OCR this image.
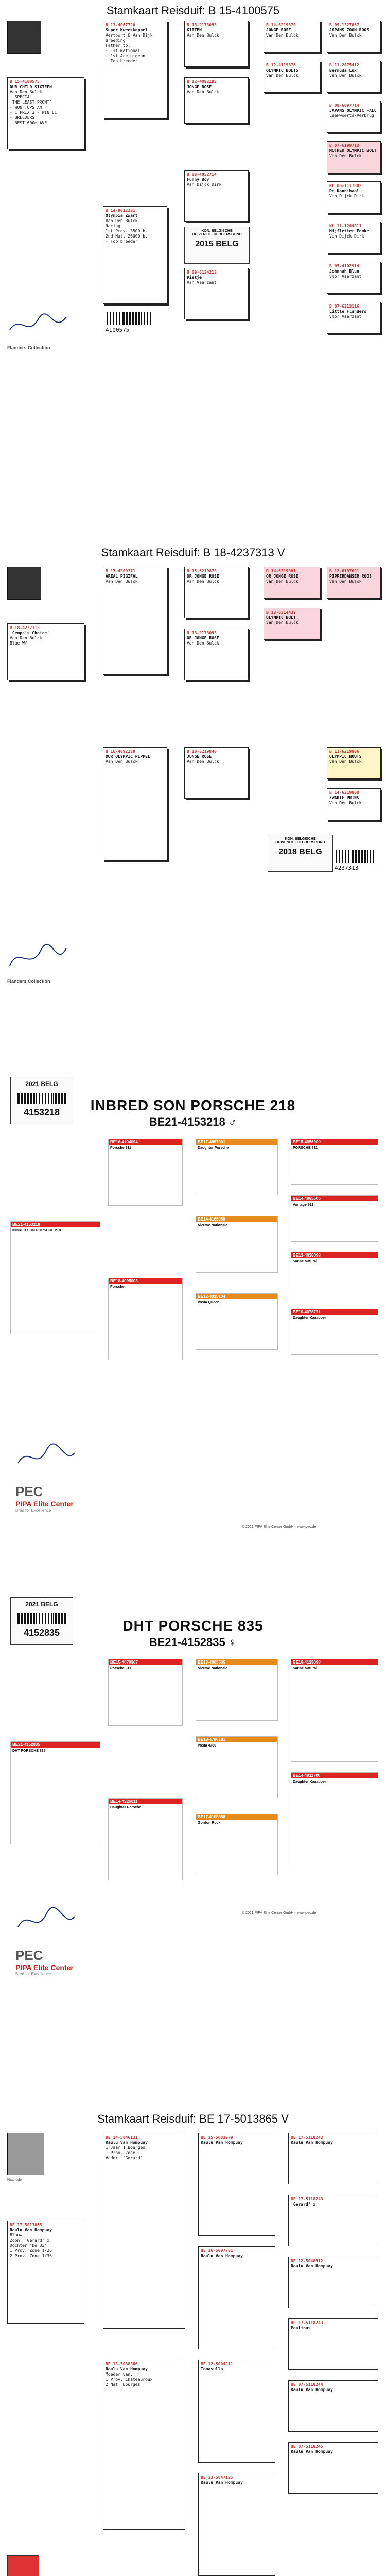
Stamkaart Reisduif: B 15-4100575
B 15-4100575
DUR CHILD SIXTEEN
Van Den Bulck
- SPECIAL
'THE LEAST PRONT'
- WON TOPSTAM
- 1 PRIX 3 - WIN LI
- BREEDERS
- BEST 600m AVE
B 13-4067720
Super Kweekkoppel
Vertoort & Van Dijk
Breeding
Father to:
- 1st National
- 1st Ace pigeon
- Top breeder
B 14-9012281
Olympia Zwart
Van Den Bulck
Racing
1st Prov. 3500 b.
2nd Nat. 26000 b.
- Top breeder
B 13-2173093
KITTEN
Van Den Bulck
B 12-4092193
JONGE ROSE
Van Den Bulck
B 08-4052714
Funny Boy
Van Dijck Dirk
B 09-6124213
Pietje
Van Vaerzant
B 14-6219870
JONGE ROSE
Van Den Bulck
B 12-4119876
OLYMPIC BOLTS
Van Den Bulck
B 09-1327067
JAPANS ZOON ROOS
Van Den Bulck
B 11-2075412
Bermuda Lux
Van Den Bulck
B 08-6097714
JAPANS OLYMPIC FALC
Leekwoerts-Verbrug
B 07-6199713
MOTHER OLYMPIC BOLT
Van Den Bulck
NL 06-1117802
De Kannibaal
Van Dijck Dirk
NL 11-1244811
Mijfletter Femke
Van Dijck Dirk
B 05-4102914
Johnnah Blue
Vlor Vaerzant
B 07-6213116
Little Flanders
Vlor Vaerzant
KON. BELGISCHE DUIVENLIEFHEBBERSBOND
2015 BELG
4100575
Flanders Collection
Stamkaart Reisduif: B 18-4237313 V
B 18-4237313
'Cemps's Choice'
Van Den Bulck
Blue Wf
B 17-4209371
AREAL PIGIFAL
Van Den Bulck
B 16-4092280
DUR OLYMPIC PIPPEL
Van Den Bulck
B 15-6219870
OR JONGE ROSE
Van Den Bulck
B 13-2173093
OR JONGE ROSE
Van Den Bulck
B 14-6219881
OR JONGE ROSE
Van Den Bulck
B 13-6314439
OLYMPIC BOLT
Van Den Bulck
B 12-6197091
PIPPERDANSER ROOS
Van Den Bulck
B 10-6219840
JONGE ROSE
Van Den Bulck
B 13-6219806
OLYMPIC NOUTS
Van Den Bulck
B 14-6219808
ZWARTE PRINS
Van Den Bulck
KON. BELGISCHE DUIVENLIEFHEBBERSBOND
2018 BELG
4237313
Flanders Collection
INBRED SON PORSCHE 218
BE21-4153218 ♂
2021 BELG
4153218
BE16-4104004
Porsche 911
BE21-4153218
INBRED SON PORSCHE 218
BE18-4095003
Porsche
BE17-4097001
Daughter Porsche
BE14-4165050
Nieuwe Nationale
BE12-4025104
Vosta Queen
BE15-4056900
PORSCHE 911
BE14-4065505
Vantage 911
BE13-4036098
Sanne Natural
BE10-4078771
Daughter Kaasboer
PEC
PIPA Elite Center
Bred for Excellence
© 2021 PIPA Elite Center GmbH - www.pec.de
DHT PORSCHE 835
BE21-4152835 ♀
2021 BELG
4152835
BE15-4079967
Porsche 911
BE14-4226011
Daughter Porsche
BE21-4152835
DHT PORSCHE 835
BE13-4065505
Nieuwe Nationale
BE18-4786181
Vosta 4786
BE17-4105888
Gordon Rock
BE16-4129098
Sanne Natural
BE14-4011700
Daughter Kaasboer
PEC
PIPA Elite Center
Bred for Excellence
© 2021 PIPA Elite Center GmbH - www.pec.de
Stamkaart Reisduif: BE 17-5013865 V
Nattitude
BE 17-5013865
Raulu Van Hompuay
Blauw
Zoon: 'Gerard' x
Dochter 'De 33'
1 Prov. Zone 1/26
2 Prov. Zone 1/36
BE 14-5046131
Raulu Van Hompuay
1 Jaar 1 Bourges
1 Prov. Zone 1
Vader: 'Gerard'
BE 13-5038366
Raulu Van Hompuay
Moeder van:
1 Prov. Chateauroux
2 Nat. Bourges
BE 15-5003979
Raulu Van Hompuay
BE 16-5097781
Raulu Van Hompuay
BE 12-5004211
Tomasulla
BE 13-5047125
Raulu Van Hompuay
BE 17-5118243
Raulu Van Hompuay
BE 17-5118243
'Gerard' x
BE 12-5048912
Raulu Van Hompuay
BE 17-5118243
Paulinus
BE 07-5118244
Raulu Van Hompuay
BE 07-5118245
Raulu Van Hompuay
